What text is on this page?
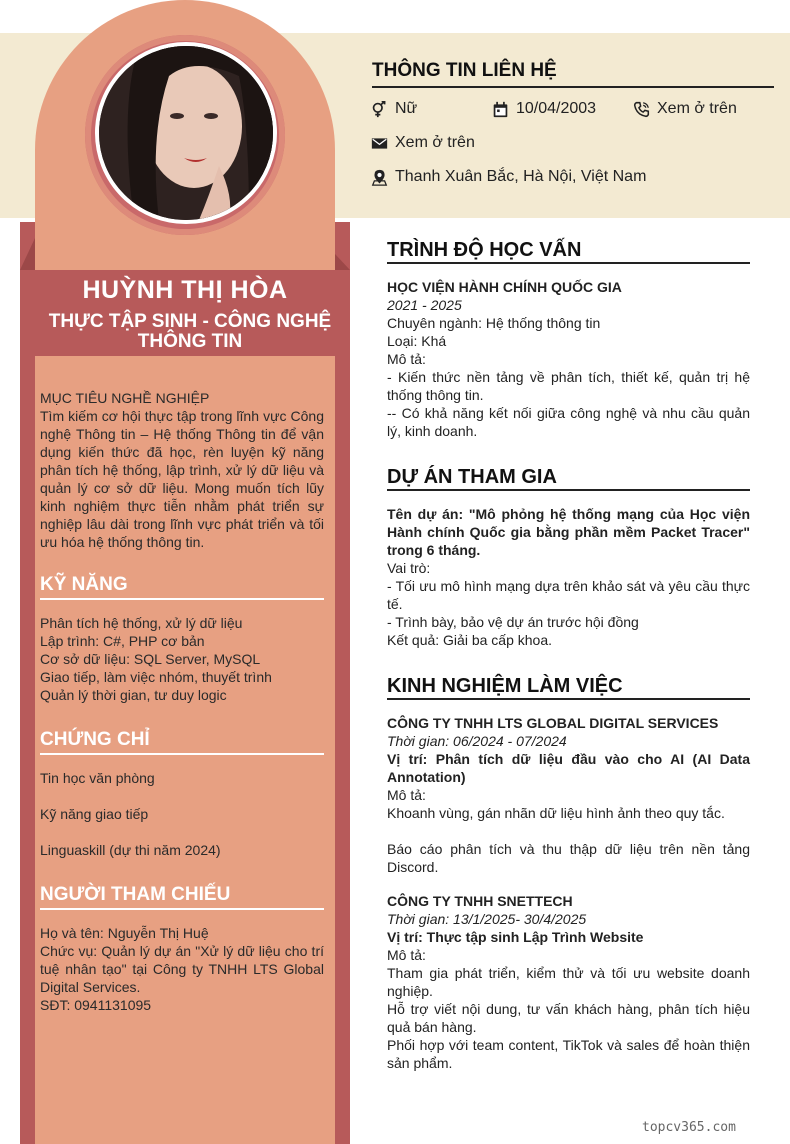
HUỲNH THỊ HÒA
THỰC TẬP SINH - CÔNG NGHỆ THÔNG TIN
MỤC TIÊU NGHỀ NGHIỆP
Tìm kiếm cơ hội thực tập trong lĩnh vực Công nghệ Thông tin – Hệ thống Thông tin để vận dụng kiến thức đã học, rèn luyện kỹ năng phân tích hệ thống, lập trình, xử lý dữ liệu và quản lý cơ sở dữ liệu. Mong muốn tích lũy kinh nghiệm thực tiễn nhằm phát triển sự nghiệp lâu dài trong lĩnh vực phát triển và tối ưu hóa hệ thống thông tin.
KỸ NĂNG
Phân tích hệ thống, xử lý dữ liệu
Lập trình: C#, PHP cơ bản
Cơ sở dữ liệu: SQL Server, MySQL
Giao tiếp, làm việc nhóm, thuyết trình
Quản lý thời gian, tư duy logic
CHỨNG CHỈ
Tin học văn phòng
Kỹ năng giao tiếp
Linguaskill (dự thi năm 2024)
NGƯỜI THAM CHIẾU
Họ và tên: Nguyễn Thị Huệ
Chức vụ: Quản lý dự án "Xử lý dữ liệu cho trí tuệ nhân tạo" tại Công ty TNHH LTS Global Digital Services.
SĐT: 0941131095
THÔNG TIN LIÊN HỆ
Nữ	10/04/2003	Xem ở trên
Xem ở trên
Thanh Xuân Bắc, Hà Nội, Việt Nam
TRÌNH ĐỘ HỌC VẤN
HỌC VIỆN HÀNH CHÍNH QUỐC GIA
2021 - 2025
Chuyên ngành: Hệ thống thông tin
Loại: Khá
Mô tả:
- Kiến thức nền tảng về phân tích, thiết kế, quản trị hệ thống thông tin.
-- Có khả năng kết nối giữa công nghệ và nhu cầu quản lý, kinh doanh.
DỰ ÁN THAM GIA
Tên dự án: "Mô phỏng hệ thống mạng của Học viện Hành chính Quốc gia bằng phần mềm Packet Tracer" trong 6 tháng.
Vai trò:
- Tối ưu mô hình mạng dựa trên khảo sát và yêu cầu thực tế.
- Trình bày, bảo vệ dự án trước hội đồng
Kết quả: Giải ba cấp khoa.
KINH NGHIỆM LÀM VIỆC
CÔNG TY TNHH LTS GLOBAL DIGITAL SERVICES
Thời gian: 06/2024 - 07/2024
Vị trí: Phân tích dữ liệu đầu vào cho AI (AI Data Annotation)
Mô tả:
Khoanh vùng, gán nhãn dữ liệu hình ảnh theo quy tắc.
Báo cáo phân tích và thu thập dữ liệu trên nền tảng Discord.
CÔNG TY TNHH SNETTECH
Thời gian: 13/1/2025- 30/4/2025
Vị trí: Thực tập sinh Lập Trình Website
Mô tả:
Tham gia phát triển, kiểm thử và tối ưu website doanh nghiệp.
Hỗ trợ viết nội dung, tư vấn khách hàng, phân tích hiệu quả bán hàng.
Phối hợp với team content, TikTok và sales để hoàn thiện sản phẩm.
topcv365.com
